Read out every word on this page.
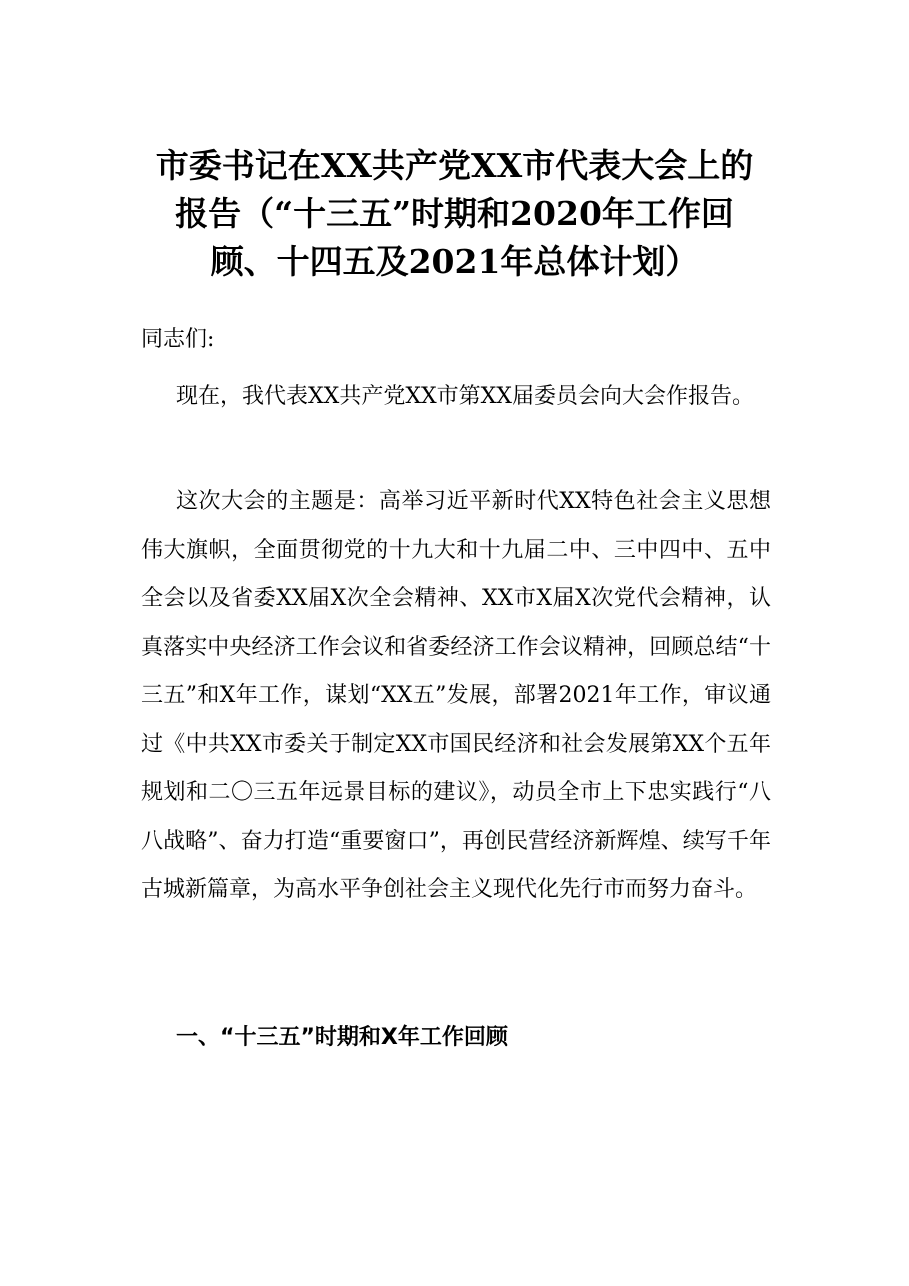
市委书记在XX共产党XX市代表大会上的
报告（“十三五”时期和2020年工作回
顾、十四五及2021年总体计划）

同志们:

现在，我代表XX共产党XX市第XX届委员会向大会作报告。

这次大会的主题是：高举习近平新时代XX特色社会主义思想伟大旗帜，全面贯彻党的十九大和十九届二中、三中四中、五中全会以及省委XX届X次全会精神、XX市X届X次党代会精神，认真落实中央经济工作会议和省委经济工作会议精神，回顾总结“十三五”和X年工作，谋划“XX五”发展，部署2021年工作，审议通过《中共XX市委关于制定XX市国民经济和社会发展第XX个五年规划和二〇三五年远景目标的建议》，动员全市上下忠实践行“八八战略”、奋力打造“重要窗口”，再创民营经济新辉煌、续写千年古城新篇章，为高水平争创社会主义现代化先行市而努力奋斗。

一、“十三五”时期和X年工作回顾
